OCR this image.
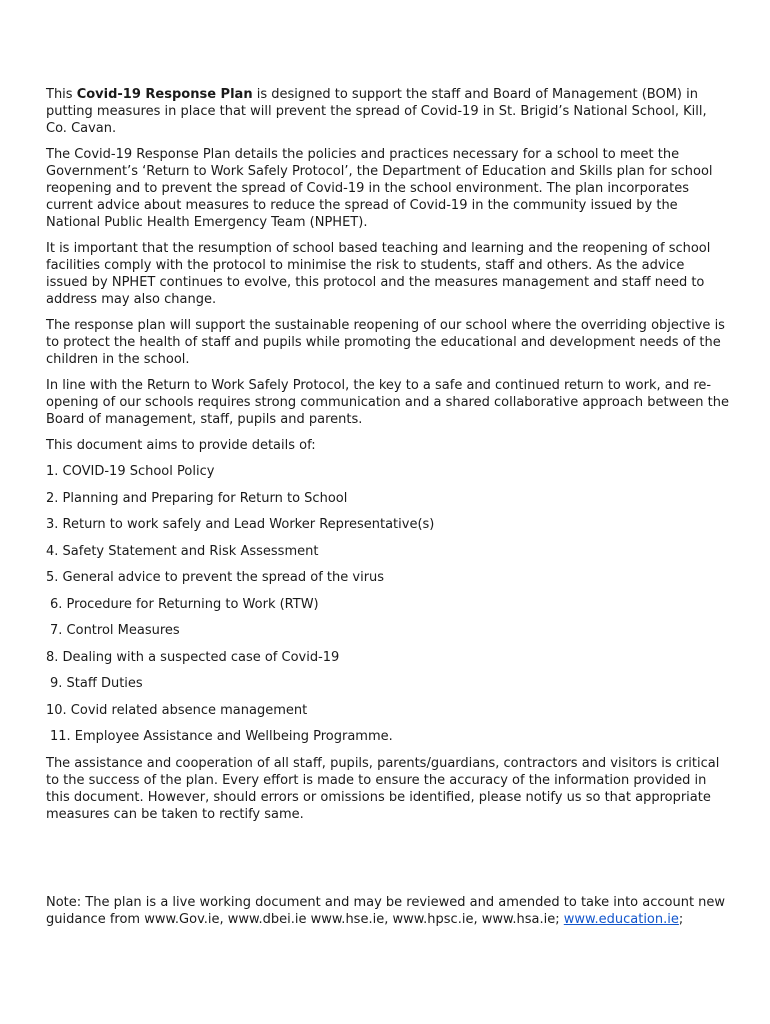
This Covid-19 Response Plan is designed to support the staff and Board of Management (BOM) in putting measures in place that will prevent the spread of Covid-19 in St. Brigid’s National School, Kill, Co. Cavan.

The Covid-19 Response Plan details the policies and practices necessary for a school to meet the Government’s ‘Return to Work Safely Protocol’, the Department of Education and Skills plan for school reopening and to prevent the spread of Covid-19 in the school environment. The plan incorporates current advice about measures to reduce the spread of Covid-19 in the community issued by the National Public Health Emergency Team (NPHET).

It is important that the resumption of school based teaching and learning and the reopening of school facilities comply with the protocol to minimise the risk to students, staff and others. As the advice issued by NPHET continues to evolve, this protocol and the measures management and staff need to address may also change.

The response plan will support the sustainable reopening of our school where the overriding objective is to protect the health of staff and pupils while promoting the educational and development needs of the children in the school.

In line with the Return to Work Safely Protocol, the key to a safe and continued return to work, and re-opening of our schools requires strong communication and a shared collaborative approach between the Board of management, staff, pupils and parents.

This document aims to provide details of:

1. COVID-19 School Policy
2. Planning and Preparing for Return to School
3. Return to work safely and Lead Worker Representative(s)
4. Safety Statement and Risk Assessment
5. General advice to prevent the spread of the virus
6. Procedure for Returning to Work (RTW)
7. Control Measures
8. Dealing with a suspected case of Covid-19
9. Staff Duties
10. Covid related absence management
11. Employee Assistance and Wellbeing Programme.

The assistance and cooperation of all staff, pupils, parents/guardians, contractors and visitors is critical to the success of the plan. Every effort is made to ensure the accuracy of the information provided in this document. However, should errors or omissions be identified, please notify us so that appropriate measures can be taken to rectify same.

Note: The plan is a live working document and may be reviewed and amended to take into account new guidance from www.Gov.ie, www.dbei.ie www.hse.ie, www.hpsc.ie, www.hsa.ie; www.education.ie;
